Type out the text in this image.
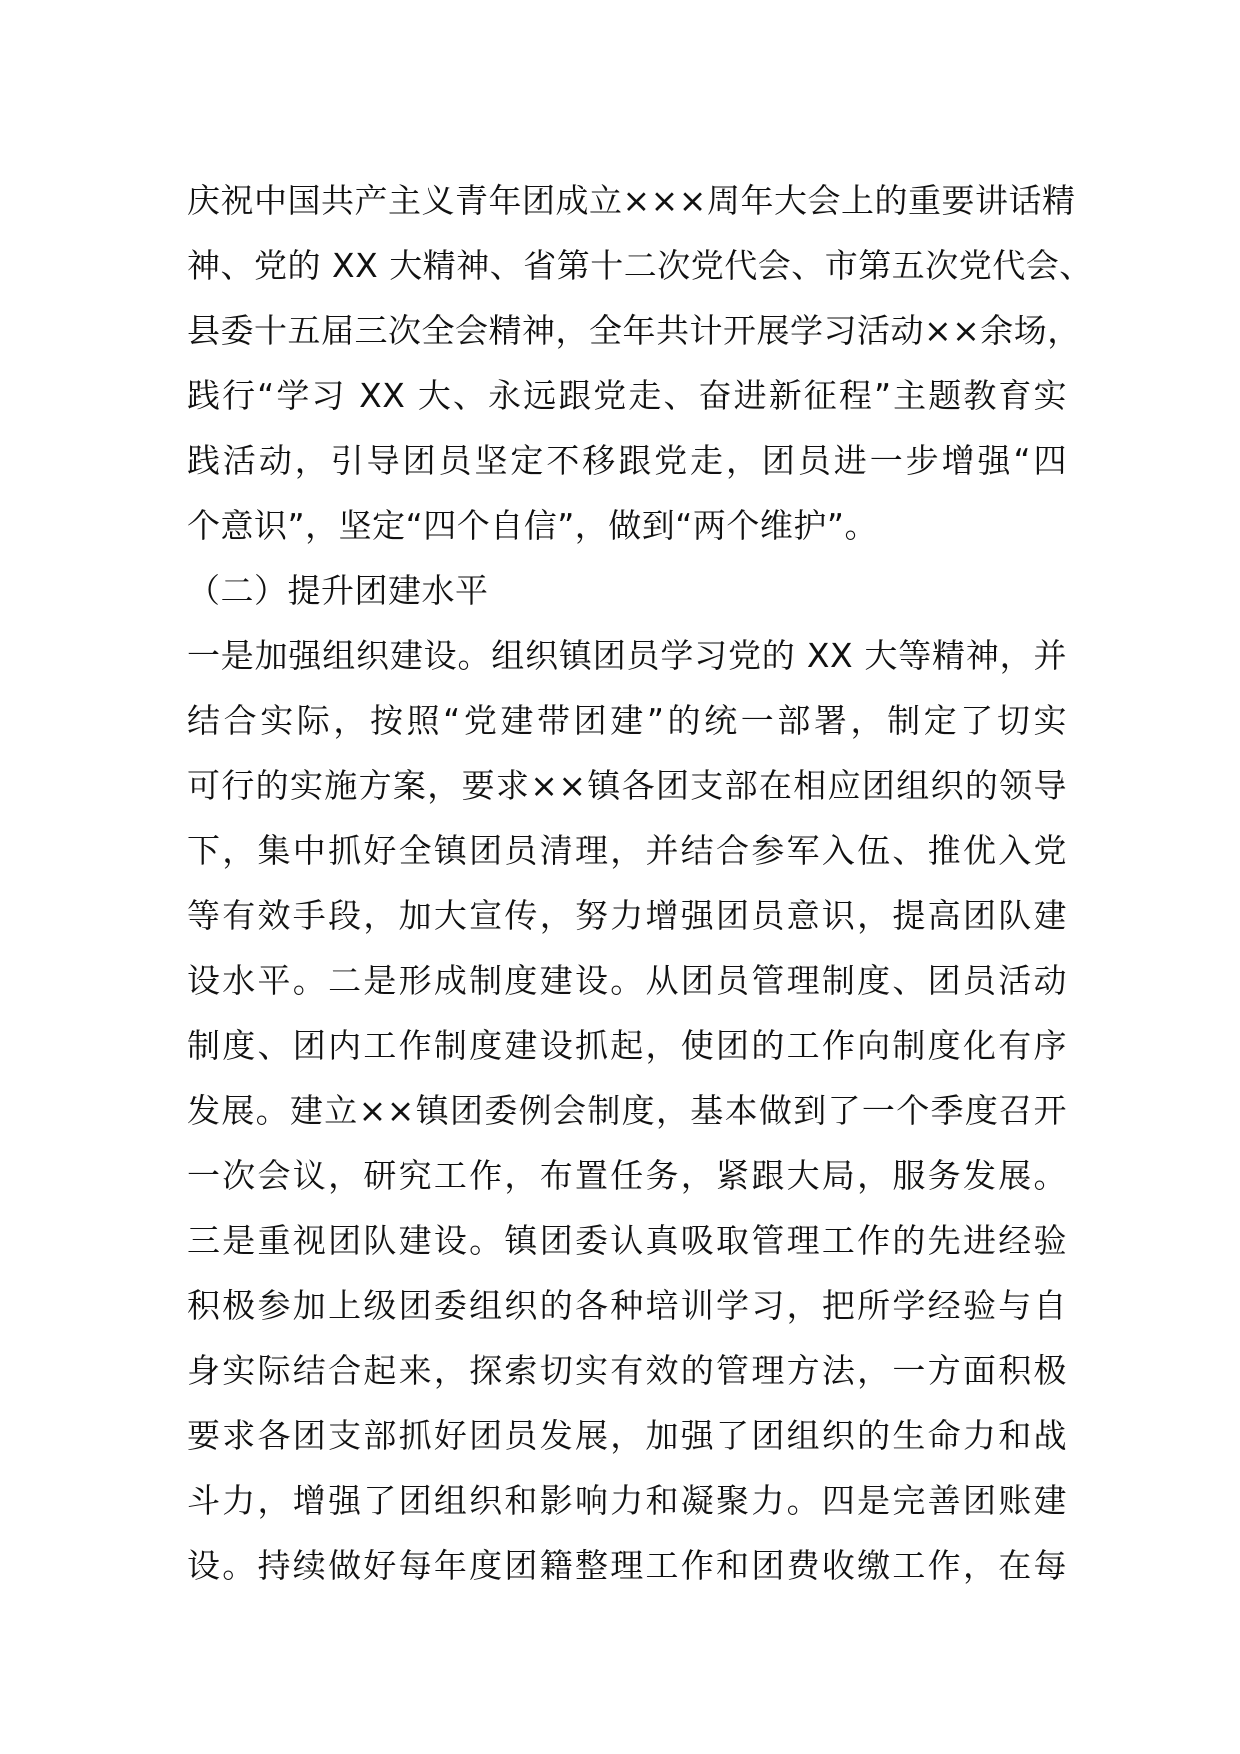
庆祝中国共产主义青年团成立×××周年大会上的重要讲话精
神、党的 XX 大精神、省第十二次党代会、市第五次党代会、
县委十五届三次全会精神，全年共计开展学习活动××余场，
践行“学习 XX 大、永远跟党走、奋进新征程”主题教育实
践活动，引导团员坚定不移跟党走，团员进一步增强“四
个意识”，坚定“四个自信”，做到“两个维护”。
（二）提升团建水平
一是加强组织建设。组织镇团员学习党的 XX 大等精神，并
结合实际，按照“党建带团建”的统一部署，制定了切实
可行的实施方案，要求××镇各团支部在相应团组织的领导
下，集中抓好全镇团员清理，并结合参军入伍、推优入党
等有效手段，加大宣传，努力增强团员意识，提高团队建
设水平。二是形成制度建设。从团员管理制度、团员活动
制度、团内工作制度建设抓起，使团的工作向制度化有序
发展。建立××镇团委例会制度，基本做到了一个季度召开
一次会议，研究工作，布置任务，紧跟大局，服务发展。
三是重视团队建设。镇团委认真吸取管理工作的先进经验
积极参加上级团委组织的各种培训学习，把所学经验与自
身实际结合起来，探索切实有效的管理方法，一方面积极
要求各团支部抓好团员发展，加强了团组织的生命力和战
斗力，增强了团组织和影响力和凝聚力。四是完善团账建
设。持续做好每年度团籍整理工作和团费收缴工作，在每
